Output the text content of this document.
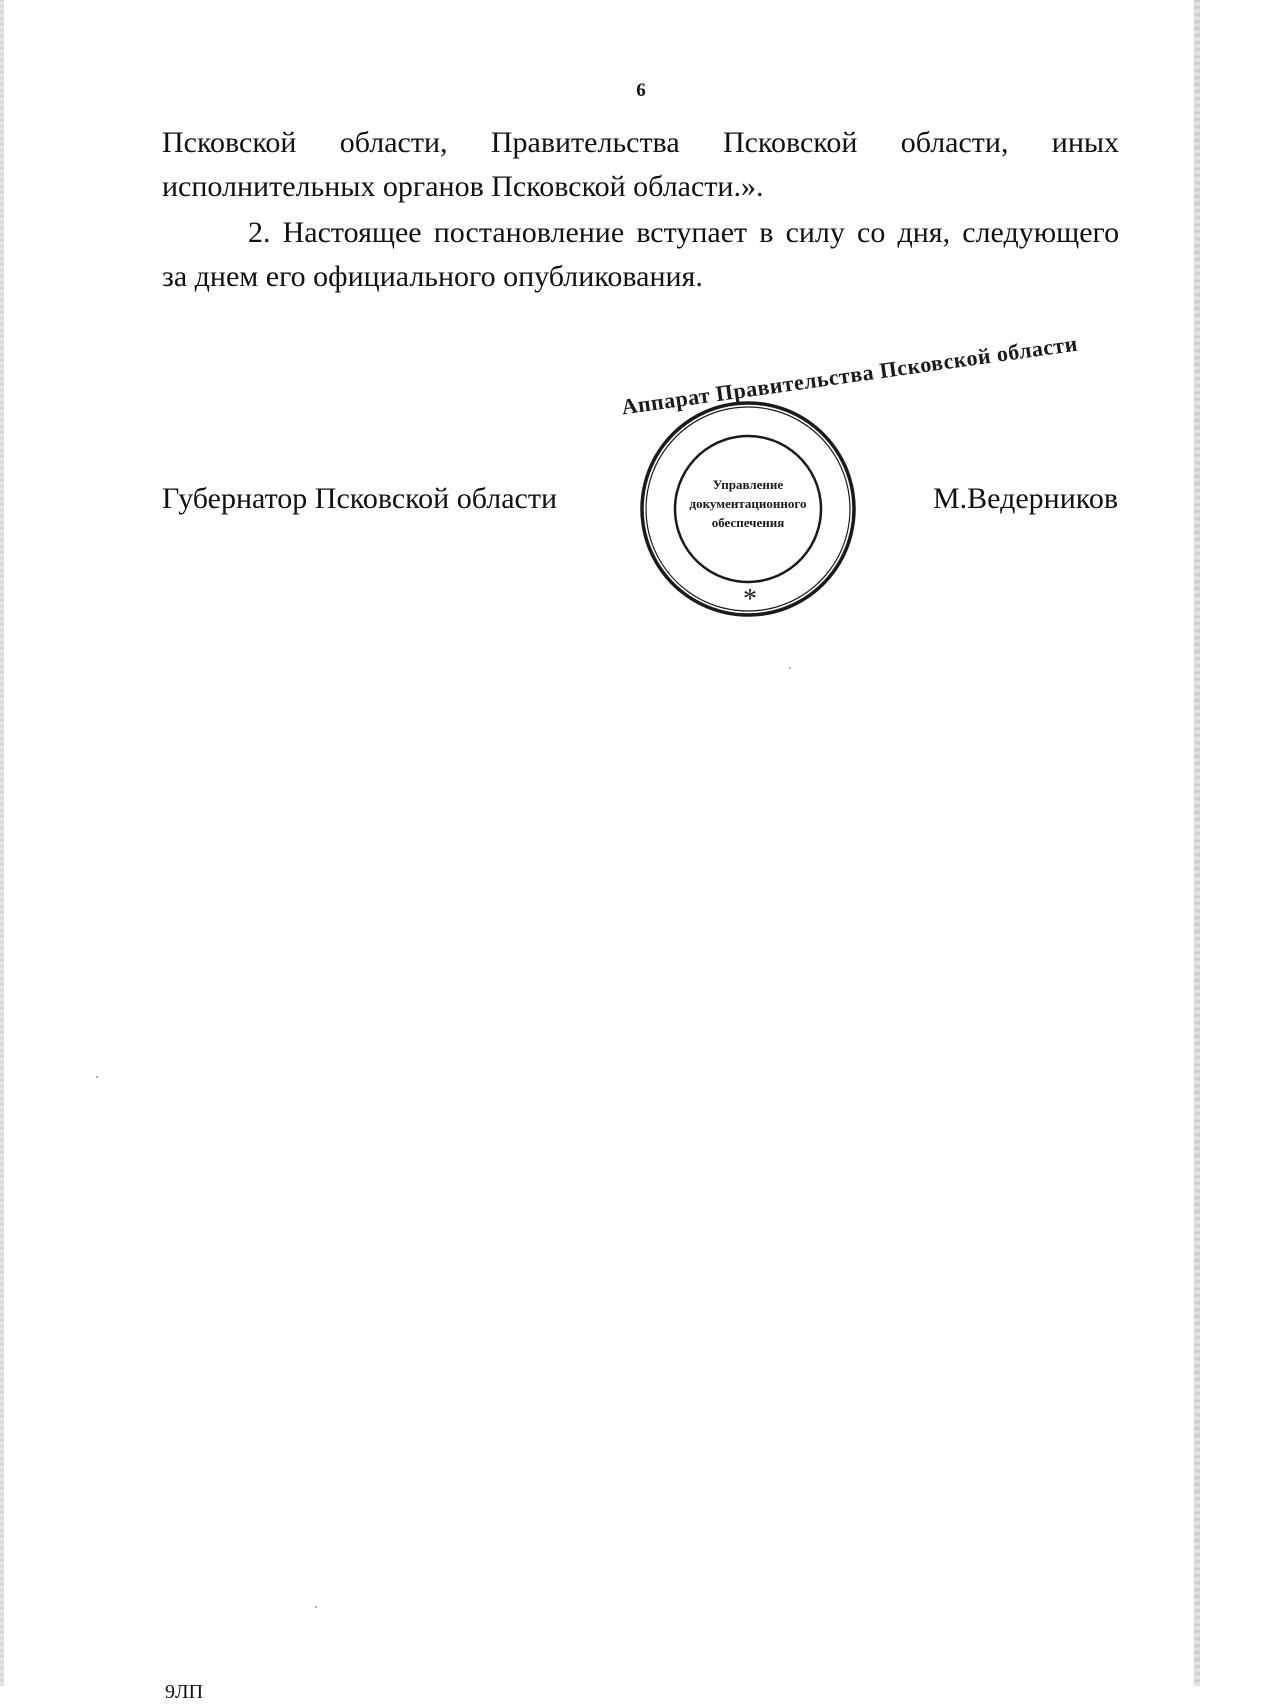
6
Псковской области, Правительства Псковской области, иных
исполнительных органов Псковской области.».
2. Настоящее постановление вступает в силу со дня, следующего
за днем его официального опубликования.
Губернатор Псковской области
Аппарат Правительства Псковской области
Управление
документационного
обеспечения
*
М.Ведерников
9ЛП
